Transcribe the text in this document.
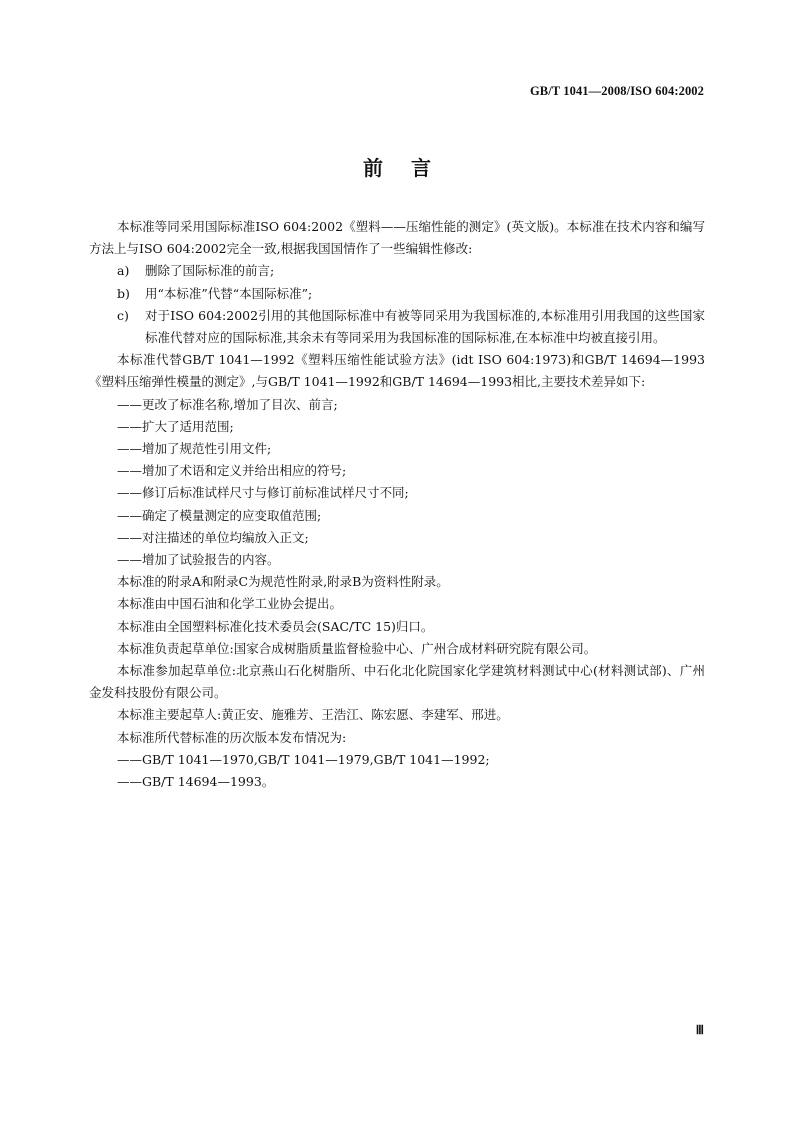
GB/T 1041—2008/ISO 604:2002
前言

本标准等同采用国际标准ISO 604:2002《塑料——压缩性能的测定》(英文版)。本标准在技术内容和编写方法上与ISO 604:2002完全一致,根据我国国情作了一些编辑性修改:

a)	删除了国际标准的前言;
b)	用“本标准”代替“本国际标准”;
c)	对于ISO 604:2002引用的其他国际标准中有被等同采用为我国标准的,本标准用引用我国的这些国家标准代替对应的国际标准,其余未有等同采用为我国标准的国际标准,在本标准中均被直接引用。

本标准代替GB/T 1041—1992《塑料压缩性能试验方法》(idt ISO 604:1973)和GB/T 14694—1993《塑料压缩弹性模量的测定》,与GB/T 1041—1992和GB/T 14694—1993相比,主要技术差异如下:

——更改了标准名称,增加了目次、前言;

——扩大了适用范围;

——增加了规范性引用文件;

——增加了术语和定义并给出相应的符号;

——修订后标准试样尺寸与修订前标准试样尺寸不同;

——确定了模量测定的应变取值范围;

——对注描述的单位均编放入正文;

——增加了试验报告的内容。

本标准的附录A和附录C为规范性附录,附录B为资料性附录。

本标准由中国石油和化学工业协会提出。

本标准由全国塑料标准化技术委员会(SAC/TC 15)归口。

本标准负责起草单位:国家合成树脂质量监督检验中心、广州合成材料研究院有限公司。

本标准参加起草单位:北京燕山石化树脂所、中石化北化院国家化学建筑材料测试中心(材料测试部)、广州金发科技股份有限公司。

本标准主要起草人:黄正安、施雅芳、王浩江、陈宏愿、李建军、邢进。

本标准所代替标准的历次版本发布情况为:

——GB/T 1041—1970,GB/T 1041—1979,GB/T 1041—1992;

——GB/T 14694—1993。

Ⅲ
